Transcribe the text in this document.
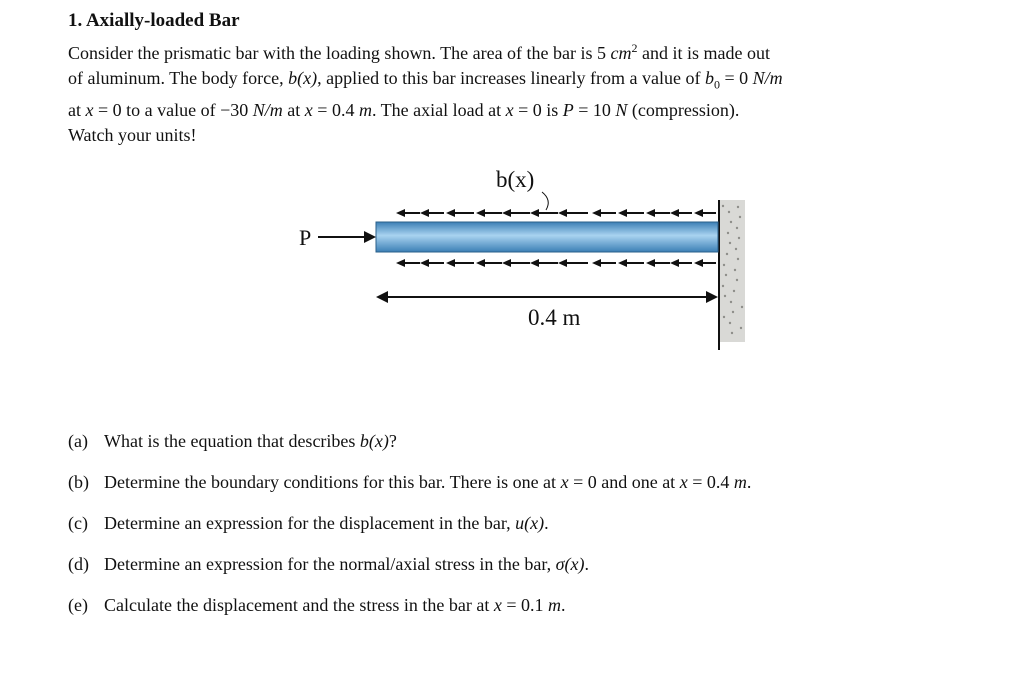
1. Axially-loaded Bar
Consider the prismatic bar with the loading shown. The area of the bar is 5 $cm^2$ and it is made out
of aluminum. The body force, b(x), applied to this bar increases linearly from a value of $b_0 = 0$ N/m
at x = 0 to a value of −30 N/m at x = 0.4 m. The axial load at x = 0 is P = 10 N (compression).
Watch your units!
b(x)
P
0.4 m
(a) What is the equation that describes b(x)?
(b) Determine the boundary conditions for this bar. There is one at x = 0 and one at x = 0.4 m.
(c) Determine an expression for the displacement in the bar, u(x).
(d) Determine an expression for the normal/axial stress in the bar, σ(x).
(e) Calculate the displacement and the stress in the bar at x = 0.1 m.
